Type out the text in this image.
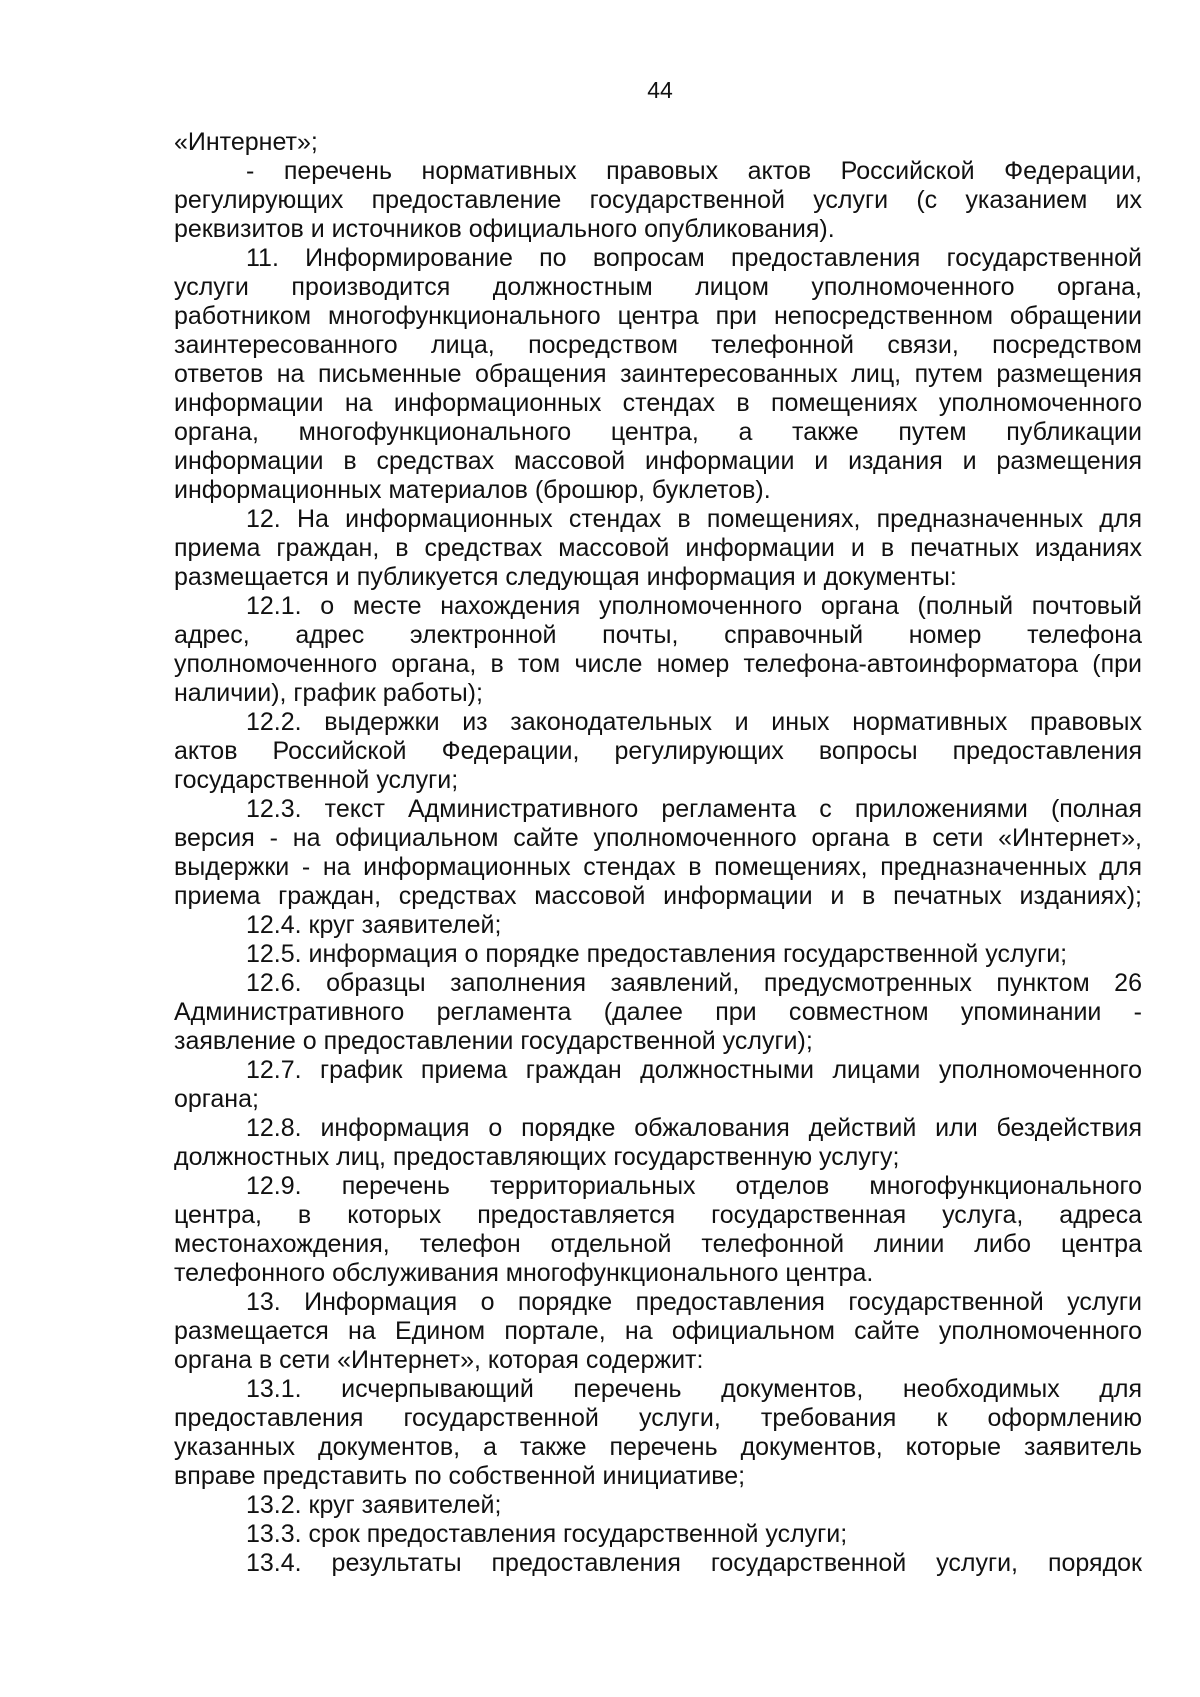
44
«Интернет»;
- перечень нормативных правовых актов Российской Федерации,
регулирующих предоставление государственной услуги (с указанием их
реквизитов и источников официального опубликования).
11. Информирование по вопросам предоставления государственной
услуги производится должностным лицом уполномоченного органа,
работником многофункционального центра при непосредственном обращении
заинтересованного лица, посредством телефонной связи, посредством
ответов на письменные обращения заинтересованных лиц, путем размещения
информации на информационных стендах в помещениях уполномоченного
органа, многофункционального центра, а также путем публикации
информации в средствах массовой информации и издания и размещения
информационных материалов (брошюр, буклетов).
12. На информационных стендах в помещениях, предназначенных для
приема граждан, в средствах массовой информации и в печатных изданиях
размещается и публикуется следующая информация и документы:
12.1. о месте нахождения уполномоченного органа (полный почтовый
адрес, адрес электронной почты, справочный номер телефона
уполномоченного органа, в том числе номер телефона-автоинформатора (при
наличии), график работы);
12.2. выдержки из законодательных и иных нормативных правовых
актов Российской Федерации, регулирующих вопросы предоставления
государственной услуги;
12.3. текст Административного регламента с приложениями (полная
версия - на официальном сайте уполномоченного органа в сети «Интернет»,
выдержки - на информационных стендах в помещениях, предназначенных для
приема граждан, средствах массовой информации и в печатных изданиях);
12.4. круг заявителей;
12.5. информация о порядке предоставления государственной услуги;
12.6. образцы заполнения заявлений, предусмотренных пунктом 26
Административного регламента (далее при совместном упоминании -
заявление о предоставлении государственной услуги);
12.7. график приема граждан должностными лицами уполномоченного
органа;
12.8. информация о порядке обжалования действий или бездействия
должностных лиц, предоставляющих государственную услугу;
12.9. перечень территориальных отделов многофункционального
центра, в которых предоставляется государственная услуга, адреса
местонахождения, телефон отдельной телефонной линии либо центра
телефонного обслуживания многофункционального центра.
13. Информация о порядке предоставления государственной услуги
размещается на Едином портале, на официальном сайте уполномоченного
органа в сети «Интернет», которая содержит:
13.1. исчерпывающий перечень документов, необходимых для
предоставления государственной услуги, требования к оформлению
указанных документов, а также перечень документов, которые заявитель
вправе представить по собственной инициативе;
13.2. круг заявителей;
13.3. срок предоставления государственной услуги;
13.4. результаты предоставления государственной услуги, порядок
